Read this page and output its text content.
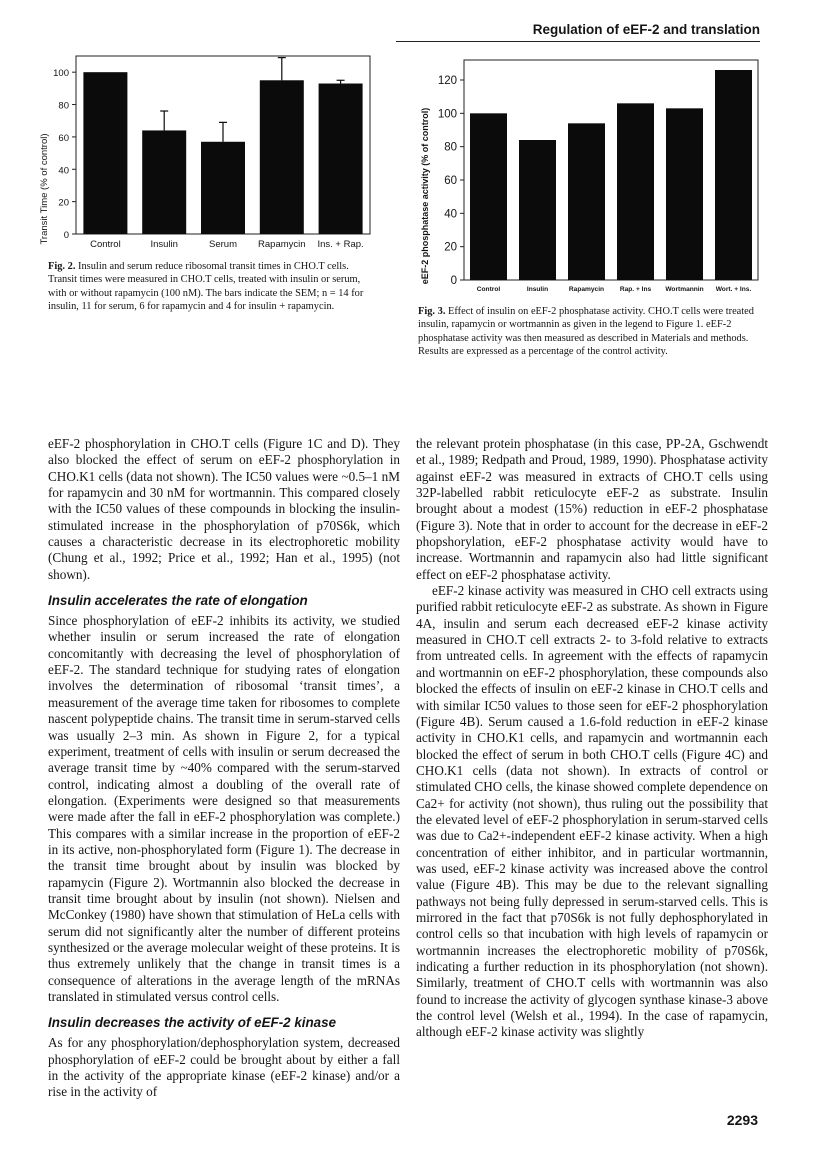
Regulation of eEF-2 and translation
0
20
40
60
80
100
Control	Insulin	Serum Rapamycin Ins. + Rap.
Transit Time (% of control)
0
20
40
60
80
100
120
Control	Insulin	Rapamycin Rap. + Ins Wortmannin Wort. + Ins.
eEF-2 phosphatase activity (% of control)

Fig. 2. Insulin and serum reduce ribosomal transit times in CHO.T cells. Transit times were measured in CHO.T cells, treated with insulin or serum, with or without rapamycin (100 nM). The bars indicate the SEM; n = 14 for insulin, 11 for serum, 6 for rapamycin and 4 for insulin + rapamycin.	Fig. 3. Effect of insulin on eEF-2 phosphatase activity. CHO.T cells were treated insulin, rapamycin or wortmannin as given in the legend to Figure 1. eEF-2 phosphatase activity was then measured as described in Materials and methods. Results are expressed as a percentage of the control activity.

eEF-2 phosphorylation in CHO.T cells (Figure 1C and D). They also blocked the effect of serum on eEF-2 phosphorylation in CHO.K1 cells (data not shown). The IC50 values were ~0.5–1 nM for rapamycin and 30 nM for wortmannin. This compared closely with the IC50 values of these compounds in blocking the insulin-stimulated increase in the phosphorylation of p70S6k, which causes a characteristic decrease in its electrophoretic mobility (Chung et al., 1992; Price et al., 1992; Han et al., 1995) (not shown).

Insulin accelerates the rate of elongation

Since phosphorylation of eEF-2 inhibits its activity, we studied whether insulin or serum increased the rate of elongation concomitantly with decreasing the level of phosphorylation of eEF-2. The standard technique for studying rates of elongation involves the determination of ribosomal ‘transit times’, a measurement of the average time taken for ribosomes to complete nascent polypeptide chains. The transit time in serum-starved cells was usually 2–3 min. As shown in Figure 2, for a typical experiment, treatment of cells with insulin or serum decreased the average transit time by ~40% compared with the serum-starved control, indicating almost a doubling of the overall rate of elongation. (Experiments were designed so that measurements were made after the fall in eEF-2 phosphorylation was complete.) This compares with a similar increase in the proportion of eEF-2 in its active, non-phosphorylated form (Figure 1). The decrease in the transit time brought about by insulin was blocked by rapamycin (Figure 2). Wortmannin also blocked the decrease in transit time brought about by insulin (not shown). Nielsen and McConkey (1980) have shown that stimulation of HeLa cells with serum did not significantly alter the number of different proteins synthesized or the average molecular weight of these proteins. It is thus extremely unlikely that the change in transit times is a consequence of alterations in the average length of the mRNAs translated in stimulated versus control cells.

Insulin decreases the activity of eEF-2 kinase

As for any phosphorylation/dephosphorylation system, decreased phosphorylation of eEF-2 could be brought about by either a fall in the activity of the appropriate kinase (eEF-2 kinase) and/or a rise in the activity of

the relevant protein phosphatase (in this case, PP-2A, Gschwendt et al., 1989; Redpath and Proud, 1989, 1990). Phosphatase activity against eEF-2 was measured in extracts of CHO.T cells using 32P-labelled rabbit reticulocyte eEF-2 as substrate. Insulin brought about a modest (15%) reduction in eEF-2 phosphatase (Figure 3). Note that in order to account for the decrease in eEF-2 phopshorylation, eEF-2 phosphatase activity would have to increase. Wortmannin and rapamycin also had little significant effect on eEF-2 phosphatase activity.

eEF-2 kinase activity was measured in CHO cell extracts using purified rabbit reticulocyte eEF-2 as substrate. As shown in Figure 4A, insulin and serum each decreased eEF-2 kinase activity measured in CHO.T cell extracts 2- to 3-fold relative to extracts from untreated cells. In agreement with the effects of rapamycin and wortmannin on eEF-2 phosphorylation, these compounds also blocked the effects of insulin on eEF-2 kinase in CHO.T cells and with similar IC50 values to those seen for eEF-2 phosphorylation (Figure 4B). Serum caused a 1.6-fold reduction in eEF-2 kinase activity in CHO.K1 cells, and rapamycin and wortmannin each blocked the effect of serum in both CHO.T cells (Figure 4C) and CHO.K1 cells (data not shown). In extracts of control or stimulated CHO cells, the kinase showed complete dependence on Ca2+ for activity (not shown), thus ruling out the possibility that the elevated level of eEF-2 phosphorylation in serum-starved cells was due to Ca2+-independent eEF-2 kinase activity. When a high concentration of either inhibitor, and in particular wortmannin, was used, eEF-2 kinase activity was increased above the control value (Figure 4B). This may be due to the relevant signalling pathways not being fully depressed in serum-starved cells. This is mirrored in the fact that p70S6k is not fully dephosphorylated in control cells so that incubation with high levels of rapamycin or wortmannin increases the electrophoretic mobility of p70S6k, indicating a further reduction in its phosphorylation (not shown). Similarly, treatment of CHO.T cells with wortmannin was also found to increase the activity of glycogen synthase kinase-3 above the control level (Welsh et al., 1994). In the case of rapamycin, although eEF-2 kinase activity was slightly

2293
